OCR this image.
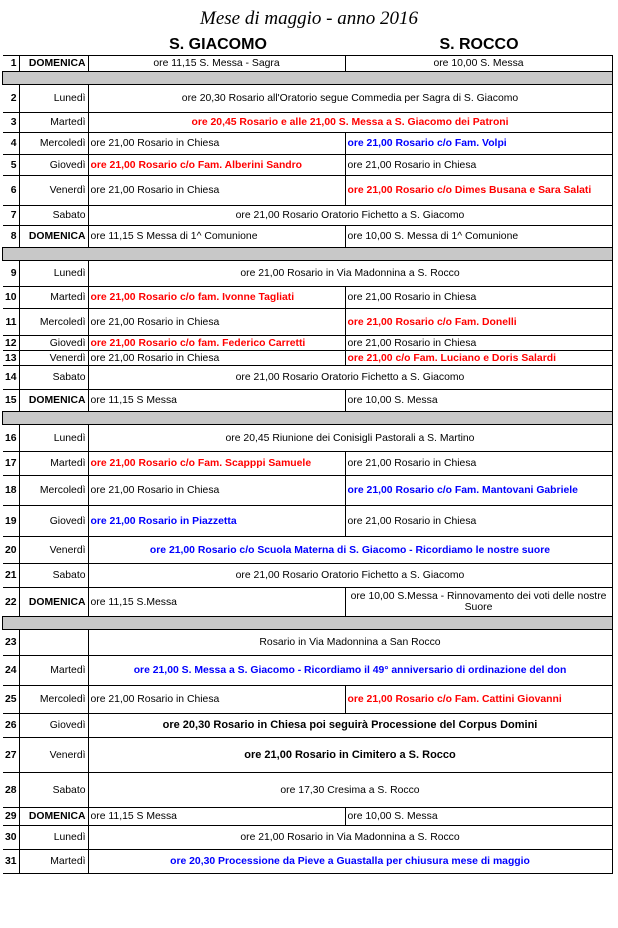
Mese di maggio - anno 2016
S. GIACOMO	S. ROCCO
1	DOMENICA	ore 11,15 S. Messa - Sagra	ore 10,00 S. Messa

2	Lunedì	ore 20,30 Rosario all'Oratorio segue Commedia per Sagra di S. Giacomo	
3	Martedì	ore 20,45 Rosario e alle 21,00 S. Messa a S. Giacomo dei Patroni	
4	Mercoledì	ore 21,00 Rosario in Chiesa	ore 21,00 Rosario c/o Fam. Volpi
5	Giovedì	ore 21,00 Rosario c/o Fam. Alberini Sandro	ore 21,00 Rosario in Chiesa
6	Venerdì	ore 21,00 Rosario in Chiesa	ore 21,00 Rosario c/o Dimes Busana e Sara Salati
7	Sabato	ore 21,00 Rosario Oratorio Fichetto a S. Giacomo	
8	DOMENICA	ore 11,15 S Messa di 1^ Comunione	ore 10,00 S. Messa di 1^ Comunione

9	Lunedì	ore 21,00 Rosario in Via Madonnina a S. Rocco	
10	Martedì	ore 21,00 Rosario c/o fam. Ivonne Tagliati	ore 21,00 Rosario in Chiesa
11	Mercoledì	ore 21,00 Rosario in Chiesa	ore 21,00 Rosario c/o Fam. Donelli
12	Giovedì	ore 21,00 Rosario c/o fam. Federico Carretti	ore 21,00 Rosario in Chiesa
13	Venerdì	ore 21,00 Rosario in Chiesa	ore 21,00 c/o Fam. Luciano e Doris Salardi
14	Sabato	ore 21,00 Rosario Oratorio Fichetto a S. Giacomo	
15	DOMENICA	ore 11,15 S Messa	ore 10,00 S. Messa

16	Lunedì	ore 20,45 Riunione dei Conisigli Pastorali a S. Martino	
17	Martedì	ore 21,00 Rosario c/o Fam. Scapppi Samuele	ore 21,00 Rosario in Chiesa
18	Mercoledì	ore 21,00 Rosario in Chiesa	ore 21,00 Rosario c/o Fam. Mantovani Gabriele
19	Giovedì	ore 21,00 Rosario in Piazzetta	ore 21,00 Rosario in Chiesa
20	Venerdì	ore 21,00 Rosario c/o Scuola Materna di S. Giacomo - Ricordiamo le nostre suore	
21	Sabato	ore 21,00 Rosario Oratorio Fichetto a S. Giacomo	
22	DOMENICA	ore 11,15 S.Messa	ore 10,00 S.Messa - Rinnovamento dei voti delle nostre Suore

23		Rosario in Via Madonnina a San Rocco	
24	Martedì	ore 21,00 S. Messa a S. Giacomo - Ricordiamo il 49° anniversario di ordinazione del don	
25	Mercoledì	ore 21,00 Rosario in Chiesa	ore 21,00 Rosario c/o Fam. Cattini Giovanni
26	Giovedì	ore 20,30 Rosario in Chiesa poi seguirà Processione del Corpus Domini	
27	Venerdì	ore 21,00 Rosario in Cimitero a S. Rocco	
28	Sabato	ore 17,30 Cresima a S. Rocco	
29	DOMENICA	ore 11,15 S Messa	ore 10,00 S. Messa
30	Lunedì	ore 21,00 Rosario in Via Madonnina a S. Rocco	
31	Martedì	ore 20,30 Processione da Pieve a Guastalla per chiusura mese di maggio	
